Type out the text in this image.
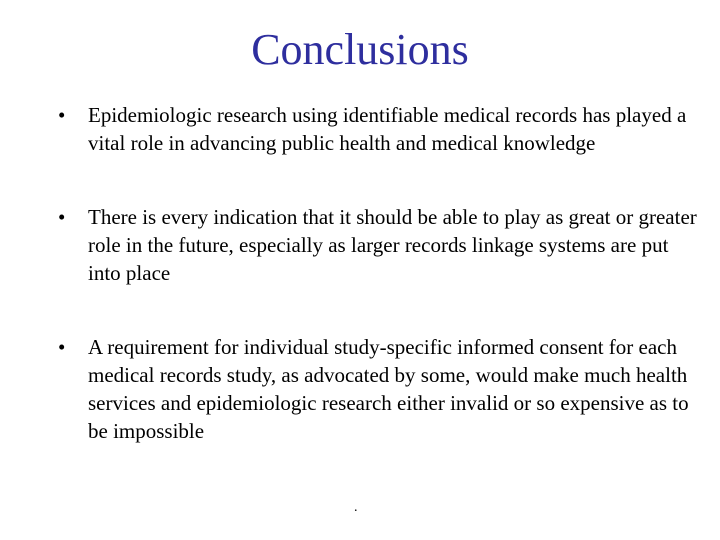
Conclusions
• Epidemiologic research using identifiable medical records has played a vital role in advancing public health and medical knowledge
• There is every indication that it should be able to play as great or greater role in the future, especially as larger records linkage systems are put into place
• A requirement for individual study-specific informed consent for each medical records study, as advocated by some, would make much health services and epidemiologic research either invalid or so expensive as to be impossible
.
